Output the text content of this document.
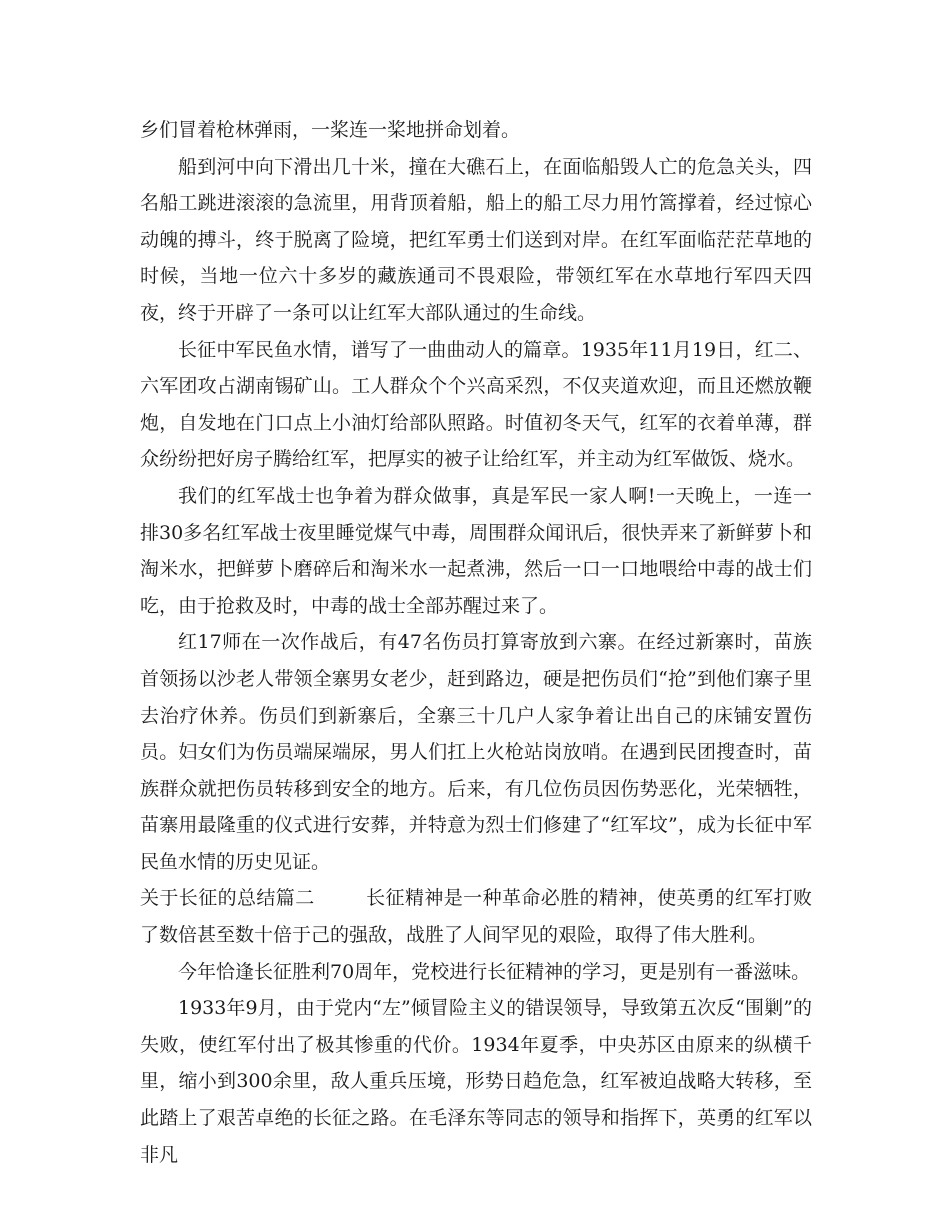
乡们冒着枪林弹雨，一桨连一桨地拼命划着。

船到河中向下滑出几十米，撞在大礁石上，在面临船毁人亡的危急关头，四名船工跳进滚滚的急流里，用背顶着船，船上的船工尽力用竹篙撑着，经过惊心动魄的搏斗，终于脱离了险境，把红军勇士们送到对岸。在红军面临茫茫草地的时候，当地一位六十多岁的藏族通司不畏艰险，带领红军在水草地行军四天四夜，终于开辟了一条可以让红军大部队通过的生命线。

长征中军民鱼水情，谱写了一曲曲动人的篇章。1935年11月19日，红二、六军团攻占湖南锡矿山。工人群众个个兴高采烈，不仅夹道欢迎，而且还燃放鞭炮，自发地在门口点上小油灯给部队照路。时值初冬天气，红军的衣着单薄，群众纷纷把好房子腾给红军，把厚实的被子让给红军，并主动为红军做饭、烧水。

我们的红军战士也争着为群众做事，真是军民一家人啊!一天晚上，一连一排30多名红军战士夜里睡觉煤气中毒，周围群众闻讯后，很快弄来了新鲜萝卜和淘米水，把鲜萝卜磨碎后和淘米水一起煮沸，然后一口一口地喂给中毒的战士们吃，由于抢救及时，中毒的战士全部苏醒过来了。

红17师在一次作战后，有47名伤员打算寄放到六寨。在经过新寨时，苗族首领扬以沙老人带领全寨男女老少，赶到路边，硬是把伤员们“抢”到他们寨子里去治疗休养。伤员们到新寨后，全寨三十几户人家争着让出自己的床铺安置伤员。妇女们为伤员端屎端尿，男人们扛上火枪站岗放哨。在遇到民团搜查时，苗族群众就把伤员转移到安全的地方。后来，有几位伤员因伤势恶化，光荣牺牲，苗寨用最隆重的仪式进行安葬，并特意为烈士们修建了“红军坟”，成为长征中军民鱼水情的历史见证。

关于长征的总结篇二	长征精神是一种革命必胜的精神，使英勇的红军打败了数倍甚至数十倍于己的强敌，战胜了人间罕见的艰险，取得了伟大胜利。

今年恰逢长征胜利70周年，党校进行长征精神的学习，更是别有一番滋味。

1933年9月，由于党内“左”倾冒险主义的错误领导，导致第五次反“围剿”的失败，使红军付出了极其惨重的代价。1934年夏季，中央苏区由原来的纵横千里，缩小到300余里，敌人重兵压境，形势日趋危急，红军被迫战略大转移，至此踏上了艰苦卓绝的长征之路。在毛泽东等同志的领导和指挥下，英勇的红军以非凡
